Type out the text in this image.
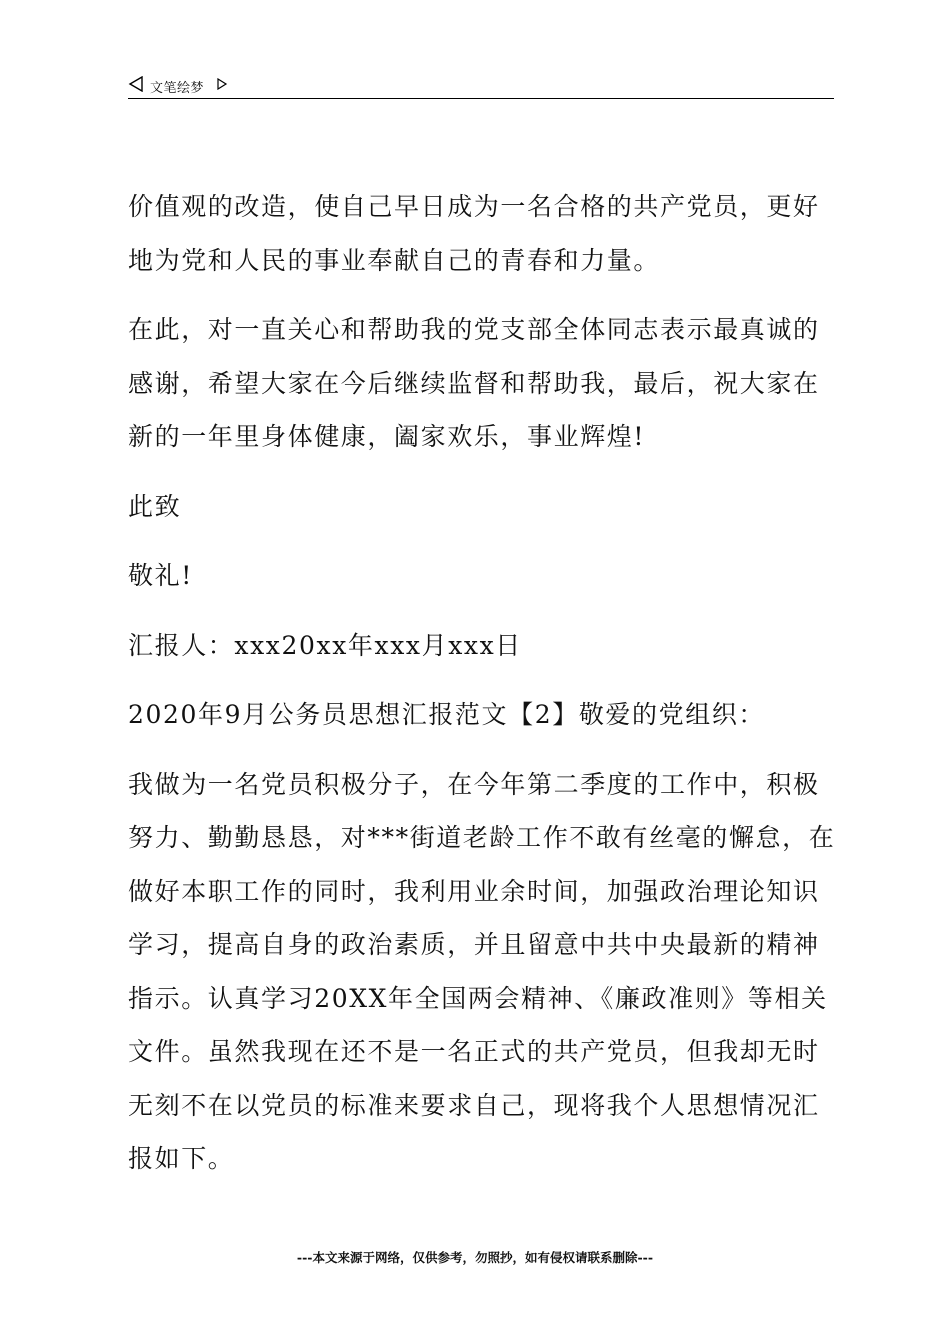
文笔绘梦

价值观的改造，使自己早日成为一名合格的共产党员，更好地为党和人民的事业奉献自己的青春和力量。

在此，对一直关心和帮助我的党支部全体同志表示最真诚的感谢，希望大家在今后继续监督和帮助我，最后，祝大家在新的一年里身体健康，阖家欢乐，事业辉煌!

此致

敬礼!

汇报人：xxx20xx年xxx月xxx日

2020年9月公务员思想汇报范文【2】敬爱的党组织：

我做为一名党员积极分子，在今年第二季度的工作中，积极努力、勤勤恳恳，对***街道老龄工作不敢有丝毫的懈怠，在做好本职工作的同时，我利用业余时间，加强政治理论知识学习，提高自身的政治素质，并且留意中共中央最新的精神指示。认真学习20XX年全国两会精神、《廉政准则》等相关文件。虽然我现在还不是一名正式的共产党员，但我却无时无刻不在以党员的标准来要求自己，现将我个人思想情况汇报如下。

---本文来源于网络，仅供参考，勿照抄，如有侵权请联系删除---
